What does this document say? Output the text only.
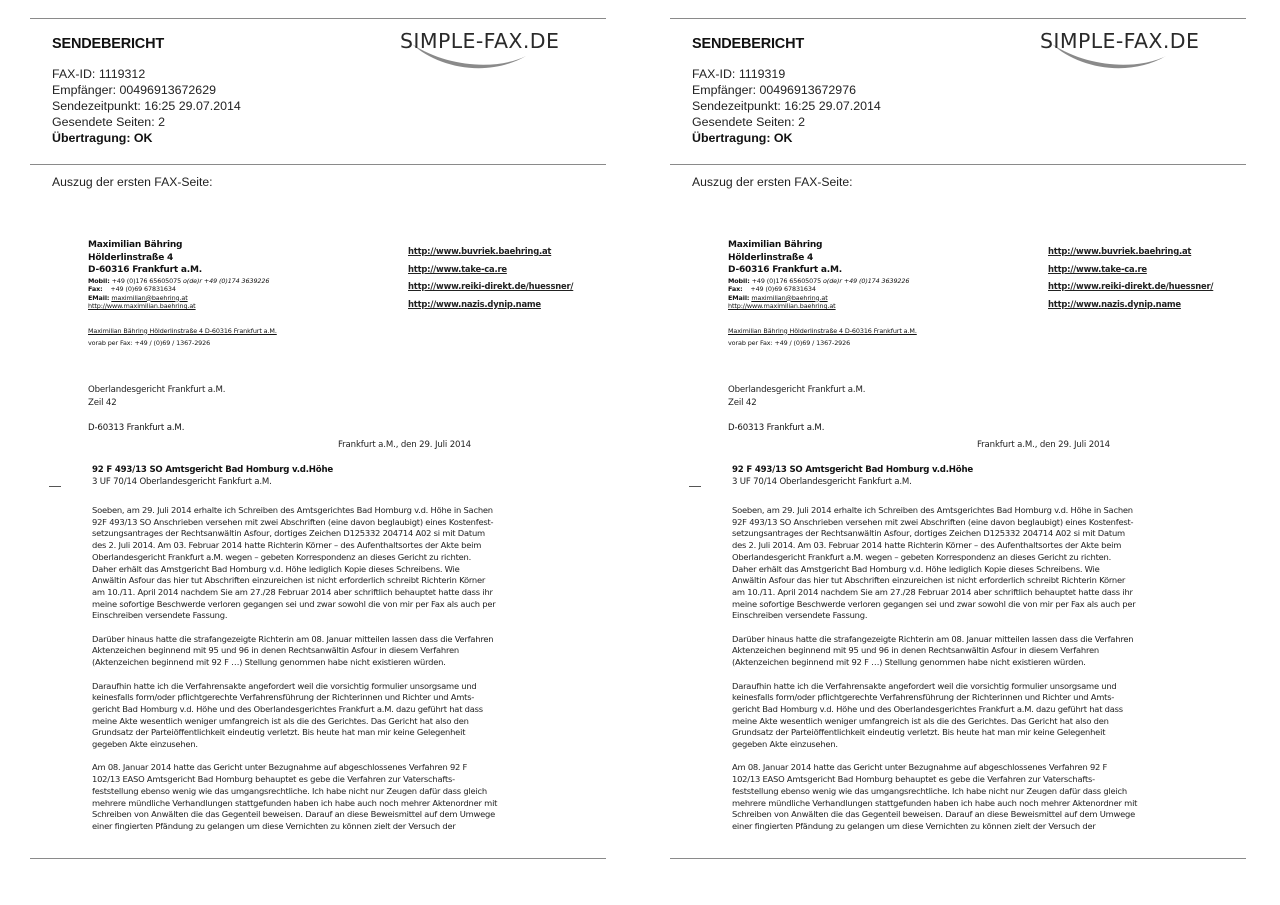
SENDEBERICHT	SIMPLE-FAX.DE
FAX-ID: 1119312
Empfänger: 00496913672629
Sendezeitpunkt: 16:25 29.07.2014
Gesendete Seiten: 2
Übertragung: OK
Auszug der ersten FAX-Seite:
Maximilian Bähring
Hölderlinstraße 4
D-60316 Frankfurt a.M.
Mobil: +49 (0)176 65605075 o(de)r +49 (0)174 3639226
Fax: +49 (0)69 67831634
EMail: maximilian@baehring.at
http://www.maximilian.baehring.at
Maximilian Bähring Hölderlinstraße 4 D-60316 Frankfurt a.M.
vorab per Fax: +49 / (0)69 / 1367-2926
http://www.buvriek.baehring.at
http://www.take-ca.re
http://www.reiki-direkt.de/huessner/
http://www.nazis.dynip.name
Oberlandesgericht Frankfurt a.M.
Zeil 42
D-60313 Frankfurt a.M.
Frankfurt a.M., den 29. Juli 2014
92 F 493/13 SO Amtsgericht Bad Homburg v.d.Höhe
3 UF 70/14 Oberlandesgericht Fankfurt a.M.

Soeben, am 29. Juli 2014 erhalte ich Schreiben des Amtsgerichtes Bad Homburg v.d. Höhe in Sachen
92F 493/13 SO Anschrieben versehen mit zwei Abschriften (eine davon beglaubigt) eines Kostenfest-
setzungsantrages der Rechtsanwältin Asfour, dortiges Zeichen D125332 204714 A02 si mit Datum
des 2. Juli 2014. Am 03. Februar 2014 hatte Richterin Körner – des Aufenthaltsortes der Akte beim
Oberlandesgericht Frankfurt a.M. wegen – gebeten Korrespondenz an dieses Gericht zu richten.
Daher erhält das Amstgericht Bad Homburg v.d. Höhe lediglich Kopie dieses Schreibens. Wie
Anwältin Asfour das hier tut Abschriften einzureichen ist nicht erforderlich schreibt Richterin Körner
am 10./11. April 2014 nachdem Sie am 27./28 Februar 2014 aber schriftlich behauptet hatte dass ihr
meine sofortige Beschwerde verloren gegangen sei und zwar sowohl die von mir per Fax als auch per
Einschreiben versendete Fassung.

Darüber hinaus hatte die strafangezeigte Richterin am 08. Januar mitteilen lassen dass die Verfahren
Aktenzeichen beginnend mit 95 und 96 in denen Rechtsanwältin Asfour in diesem Verfahren
(Aktenzeichen beginnend mit 92 F …) Stellung genommen habe nicht existieren würden.

Daraufhin hatte ich die Verfahrensakte angefordert weil die vorsichtig formulier unsorgsame und
keinesfalls form/oder pflichtgerechte Verfahrensführung der Richterinnen und Richter und Amts-
gericht Bad Homburg v.d. Höhe und des Oberlandesgerichtes Frankfurt a.M. dazu geführt hat dass
meine Akte wesentlich weniger umfangreich ist als die des Gerichtes. Das Gericht hat also den
Grundsatz der Parteiöffentlichkeit eindeutig verletzt. Bis heute hat man mir keine Gelegenheit
gegeben Akte einzusehen.

Am 08. Januar 2014 hatte das Gericht unter Bezugnahme auf abgeschlossenes Verfahren 92 F
102/13 EASO Amtsgericht Bad Homburg behauptet es gebe die Verfahren zur Vaterschafts-
feststellung ebenso wenig wie das umgangsrechtliche. Ich habe nicht nur Zeugen dafür dass gleich
mehrere mündliche Verhandlungen stattgefunden haben ich habe auch noch mehrer Aktenordner mit
Schreiben von Anwälten die das Gegenteil beweisen. Darauf an diese Beweismittel auf dem Umwege
einer fingierten Pfändung zu gelangen um diese Vernichten zu können zielt der Versuch der

SENDEBERICHT	SIMPLE-FAX.DE
FAX-ID: 1119319
Empfänger: 00496913672976
Sendezeitpunkt: 16:25 29.07.2014
Gesendete Seiten: 2
Übertragung: OK
Auszug der ersten FAX-Seite:
Maximilian Bähring
Hölderlinstraße 4
D-60316 Frankfurt a.M.
Mobil: +49 (0)176 65605075 o(de)r +49 (0)174 3639226
Fax: +49 (0)69 67831634
EMail: maximilian@baehring.at
http://www.maximilian.baehring.at
Maximilian Bähring Hölderlinstraße 4 D-60316 Frankfurt a.M.
vorab per Fax: +49 / (0)69 / 1367-2926
http://www.buvriek.baehring.at
http://www.take-ca.re
http://www.reiki-direkt.de/huessner/
http://www.nazis.dynip.name
Oberlandesgericht Frankfurt a.M.
Zeil 42
D-60313 Frankfurt a.M.
Frankfurt a.M., den 29. Juli 2014
92 F 493/13 SO Amtsgericht Bad Homburg v.d.Höhe
3 UF 70/14 Oberlandesgericht Fankfurt a.M.

Soeben, am 29. Juli 2014 erhalte ich Schreiben des Amtsgerichtes Bad Homburg v.d. Höhe in Sachen
92F 493/13 SO Anschrieben versehen mit zwei Abschriften (eine davon beglaubigt) eines Kostenfest-
setzungsantrages der Rechtsanwältin Asfour, dortiges Zeichen D125332 204714 A02 si mit Datum
des 2. Juli 2014. Am 03. Februar 2014 hatte Richterin Körner – des Aufenthaltsortes der Akte beim
Oberlandesgericht Frankfurt a.M. wegen – gebeten Korrespondenz an dieses Gericht zu richten.
Daher erhält das Amstgericht Bad Homburg v.d. Höhe lediglich Kopie dieses Schreibens. Wie
Anwältin Asfour das hier tut Abschriften einzureichen ist nicht erforderlich schreibt Richterin Körner
am 10./11. April 2014 nachdem Sie am 27./28 Februar 2014 aber schriftlich behauptet hatte dass ihr
meine sofortige Beschwerde verloren gegangen sei und zwar sowohl die von mir per Fax als auch per
Einschreiben versendete Fassung.

Darüber hinaus hatte die strafangezeigte Richterin am 08. Januar mitteilen lassen dass die Verfahren
Aktenzeichen beginnend mit 95 und 96 in denen Rechtsanwältin Asfour in diesem Verfahren
(Aktenzeichen beginnend mit 92 F …) Stellung genommen habe nicht existieren würden.

Daraufhin hatte ich die Verfahrensakte angefordert weil die vorsichtig formulier unsorgsame und
keinesfalls form/oder pflichtgerechte Verfahrensführung der Richterinnen und Richter und Amts-
gericht Bad Homburg v.d. Höhe und des Oberlandesgerichtes Frankfurt a.M. dazu geführt hat dass
meine Akte wesentlich weniger umfangreich ist als die des Gerichtes. Das Gericht hat also den
Grundsatz der Parteiöffentlichkeit eindeutig verletzt. Bis heute hat man mir keine Gelegenheit
gegeben Akte einzusehen.

Am 08. Januar 2014 hatte das Gericht unter Bezugnahme auf abgeschlossenes Verfahren 92 F
102/13 EASO Amtsgericht Bad Homburg behauptet es gebe die Verfahren zur Vaterschafts-
feststellung ebenso wenig wie das umgangsrechtliche. Ich habe nicht nur Zeugen dafür dass gleich
mehrere mündliche Verhandlungen stattgefunden haben ich habe auch noch mehrer Aktenordner mit
Schreiben von Anwälten die das Gegenteil beweisen. Darauf an diese Beweismittel auf dem Umwege
einer fingierten Pfändung zu gelangen um diese Vernichten zu können zielt der Versuch der
